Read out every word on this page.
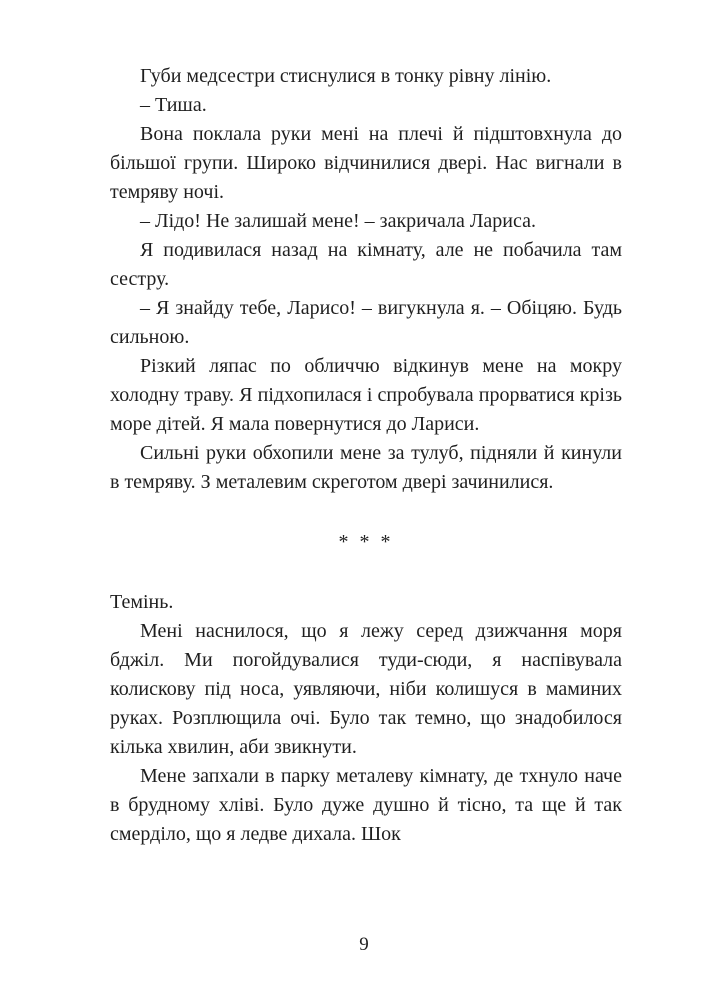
Губи медсестри стиснулися в тонку рівну лінію.

– Тиша.

Вона поклала руки мені на плечі й підштовхнула до більшої групи. Широко відчинилися двері. Нас вигнали в темряву ночі.

– Лідо! Не залишай мене! – закричала Лариса.

Я подивилася назад на кімнату, але не побачила там сестру.

– Я знайду тебе, Ларисо! – вигукнула я. – Обіцяю. Будь сильною.

Різкий ляпас по обличчю відкинув мене на мокру холодну траву. Я підхопилася і спробувала прорватися крізь море дітей. Я мала повернутися до Лариси.

Сильні руки обхопили мене за тулуб, підняли й кинули в темряву. З металевим скреготом двері зачинилися.

* * *

Темінь.

Мені наснилося, що я лежу серед дзижчання моря бджіл. Ми погойдувалися туди-сюди, я наспівувала колискову під носа, уявляючи, ніби колишуся в маминих руках. Розплющила очі. Було так темно, що знадобилося кілька хвилин, аби звикнути.

Мене запхали в парку металеву кімнату, де тхнуло наче в брудному хліві. Було дуже душно й тісно, та ще й так смерділо, що я ледве дихала. Шок

9
